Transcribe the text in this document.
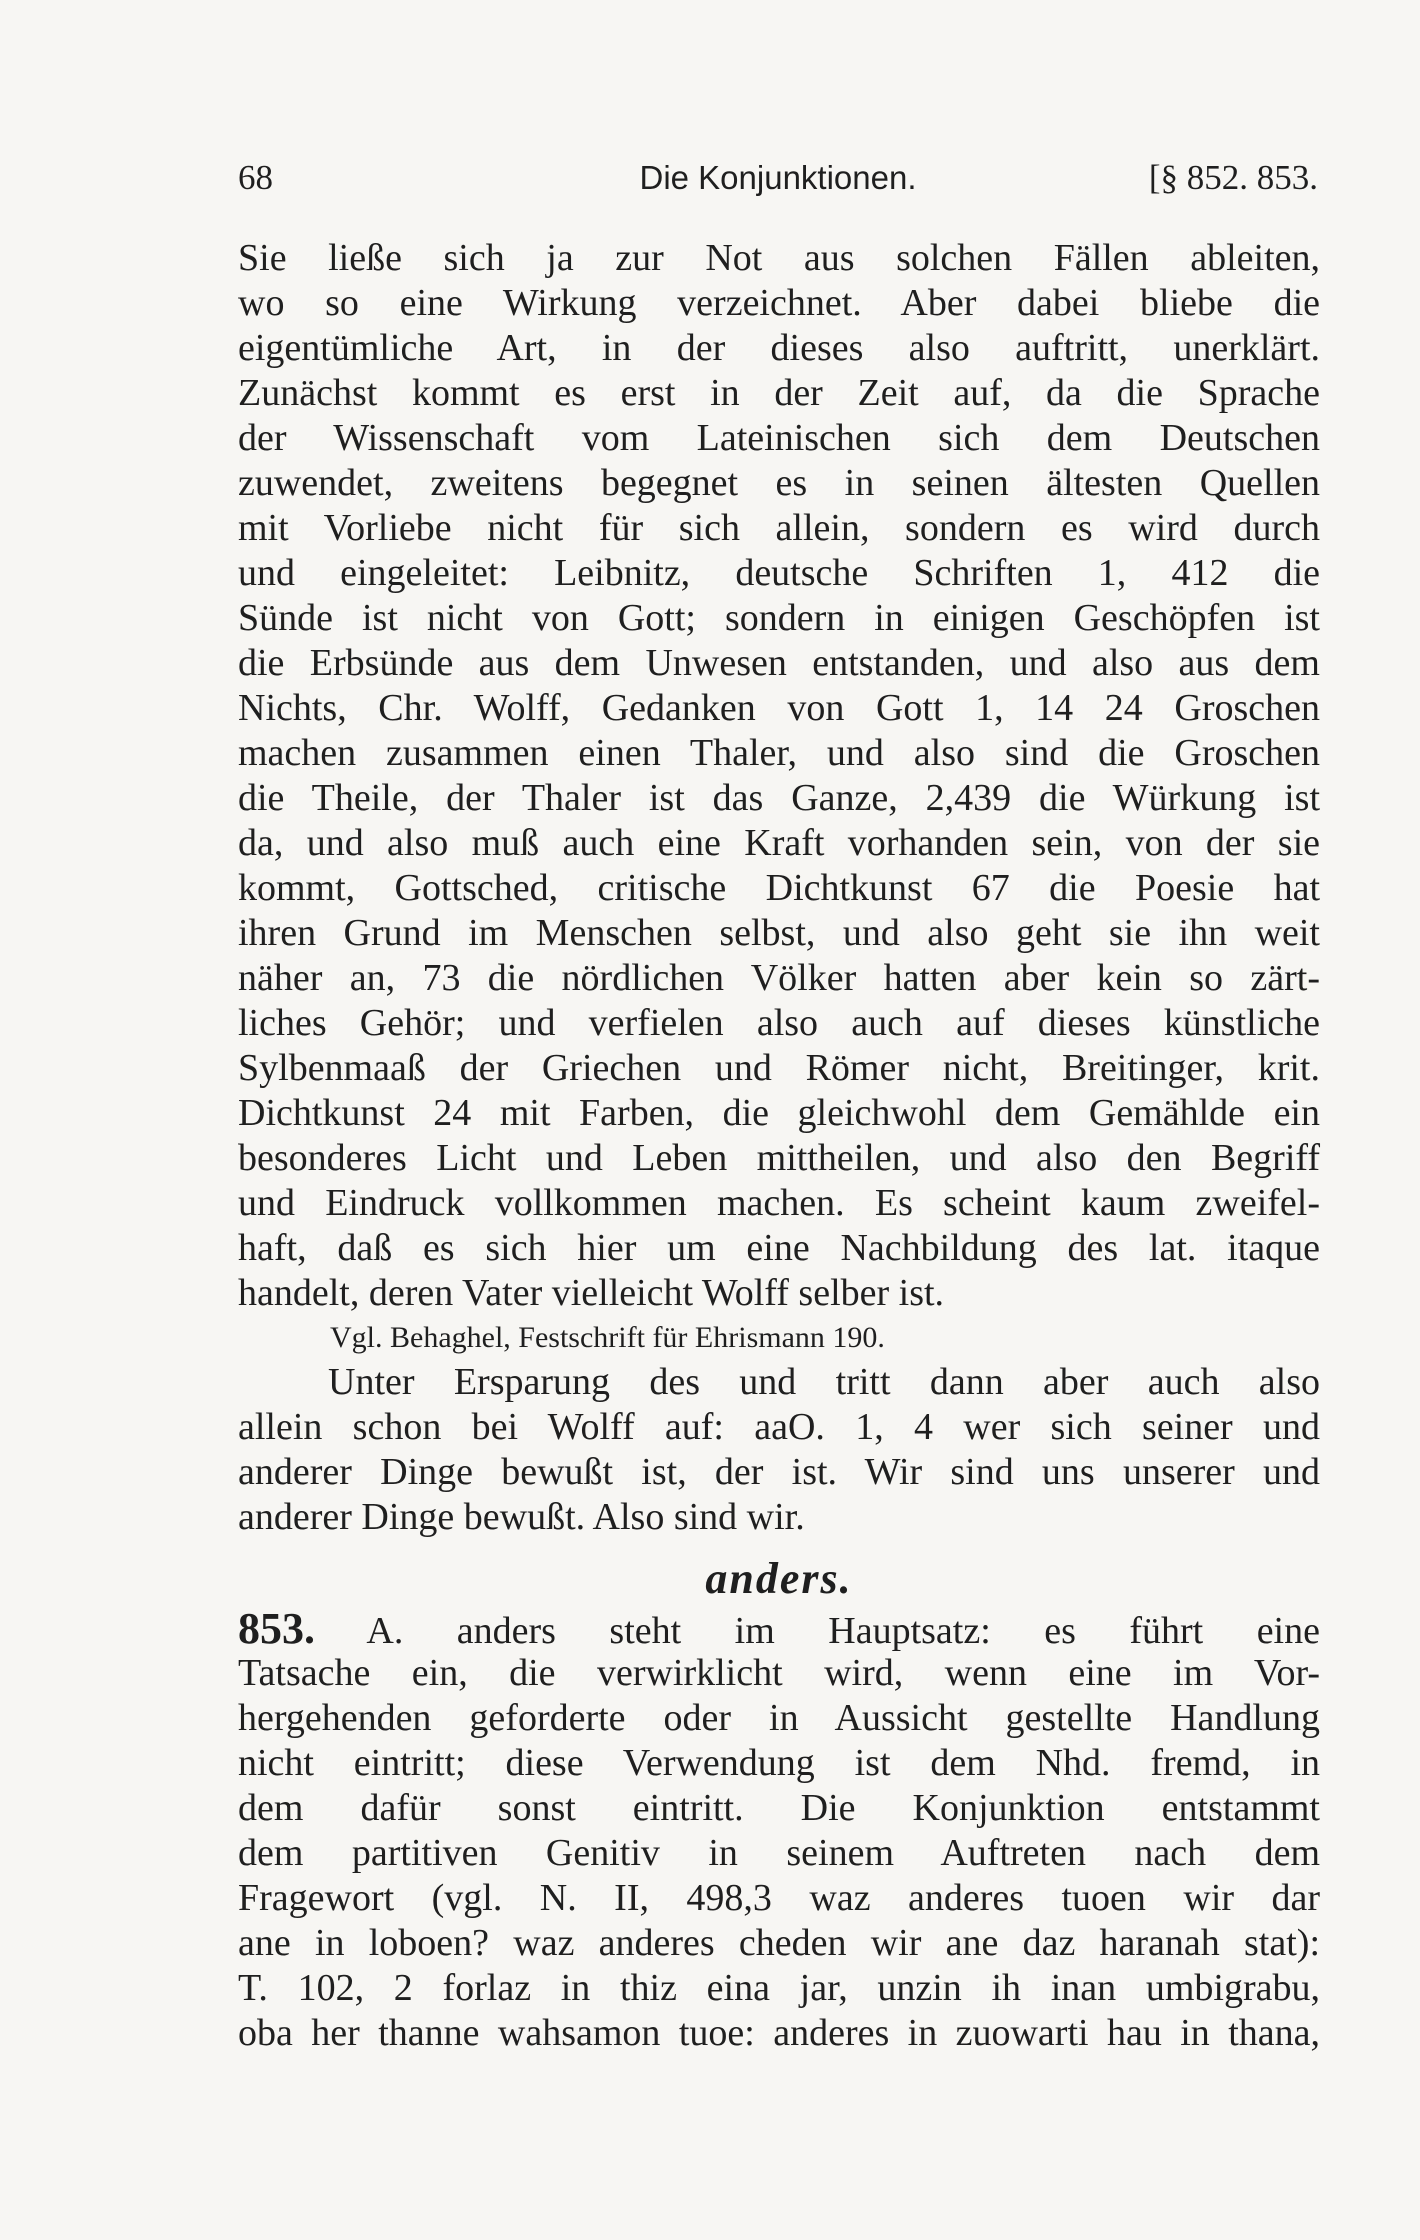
68	Die Konjunktionen.	[§ 852. 853.
Sie ließe sich ja zur Not aus solchen Fällen ableiten,
wo so eine Wirkung verzeichnet. Aber dabei bliebe die
eigentümliche Art, in der dieses also auftritt, unerklärt.
Zunächst kommt es erst in der Zeit auf, da die Sprache
der Wissenschaft vom Lateinischen sich dem Deutschen
zuwendet, zweitens begegnet es in seinen ältesten Quellen
mit Vorliebe nicht für sich allein, sondern es wird durch
und eingeleitet: Leibnitz, deutsche Schriften 1, 412 die
Sünde ist nicht von Gott; sondern in einigen Geschöpfen ist
die Erbsünde aus dem Unwesen entstanden, und also aus dem
Nichts, Chr. Wolff, Gedanken von Gott 1, 14 24 Groschen
machen zusammen einen Thaler, und also sind die Groschen
die Theile, der Thaler ist das Ganze, 2,439 die Würkung ist
da, und also muß auch eine Kraft vorhanden sein, von der sie
kommt, Gottsched, critische Dichtkunst 67 die Poesie hat
ihren Grund im Menschen selbst, und also geht sie ihn weit
näher an, 73 die nördlichen Völker hatten aber kein so zärt-
liches Gehör; und verfielen also auch auf dieses künstliche
Sylbenmaaß der Griechen und Römer nicht, Breitinger, krit.
Dichtkunst 24 mit Farben, die gleichwohl dem Gemählde ein
besonderes Licht und Leben mittheilen, und also den Begriff
und Eindruck vollkommen machen. Es scheint kaum zweifel-
haft, daß es sich hier um eine Nachbildung des lat. itaque
handelt, deren Vater vielleicht Wolff selber ist.
Vgl. Behaghel, Festschrift für Ehrismann 190.
Unter Ersparung des und tritt dann aber auch also
allein schon bei Wolff auf: aaO. 1, 4 wer sich seiner und
anderer Dinge bewußt ist, der ist. Wir sind uns unserer und
anderer Dinge bewußt. Also sind wir.
anders.
853. A. anders steht im Hauptsatz: es führt eine
Tatsache ein, die verwirklicht wird, wenn eine im Vor-
hergehenden geforderte oder in Aussicht gestellte Handlung
nicht eintritt; diese Verwendung ist dem Nhd. fremd, in
dem dafür sonst eintritt. Die Konjunktion entstammt
dem partitiven Genitiv in seinem Auftreten nach dem
Fragewort (vgl. N. II, 498,3 waz anderes tuoen wir dar
ane in loboen? waz anderes cheden wir ane daz haranah stat):
T. 102, 2 forlaz in thiz eina jar, unzin ih inan umbigrabu,
oba her thanne wahsamon tuoe: anderes in zuowarti hau in thana,
